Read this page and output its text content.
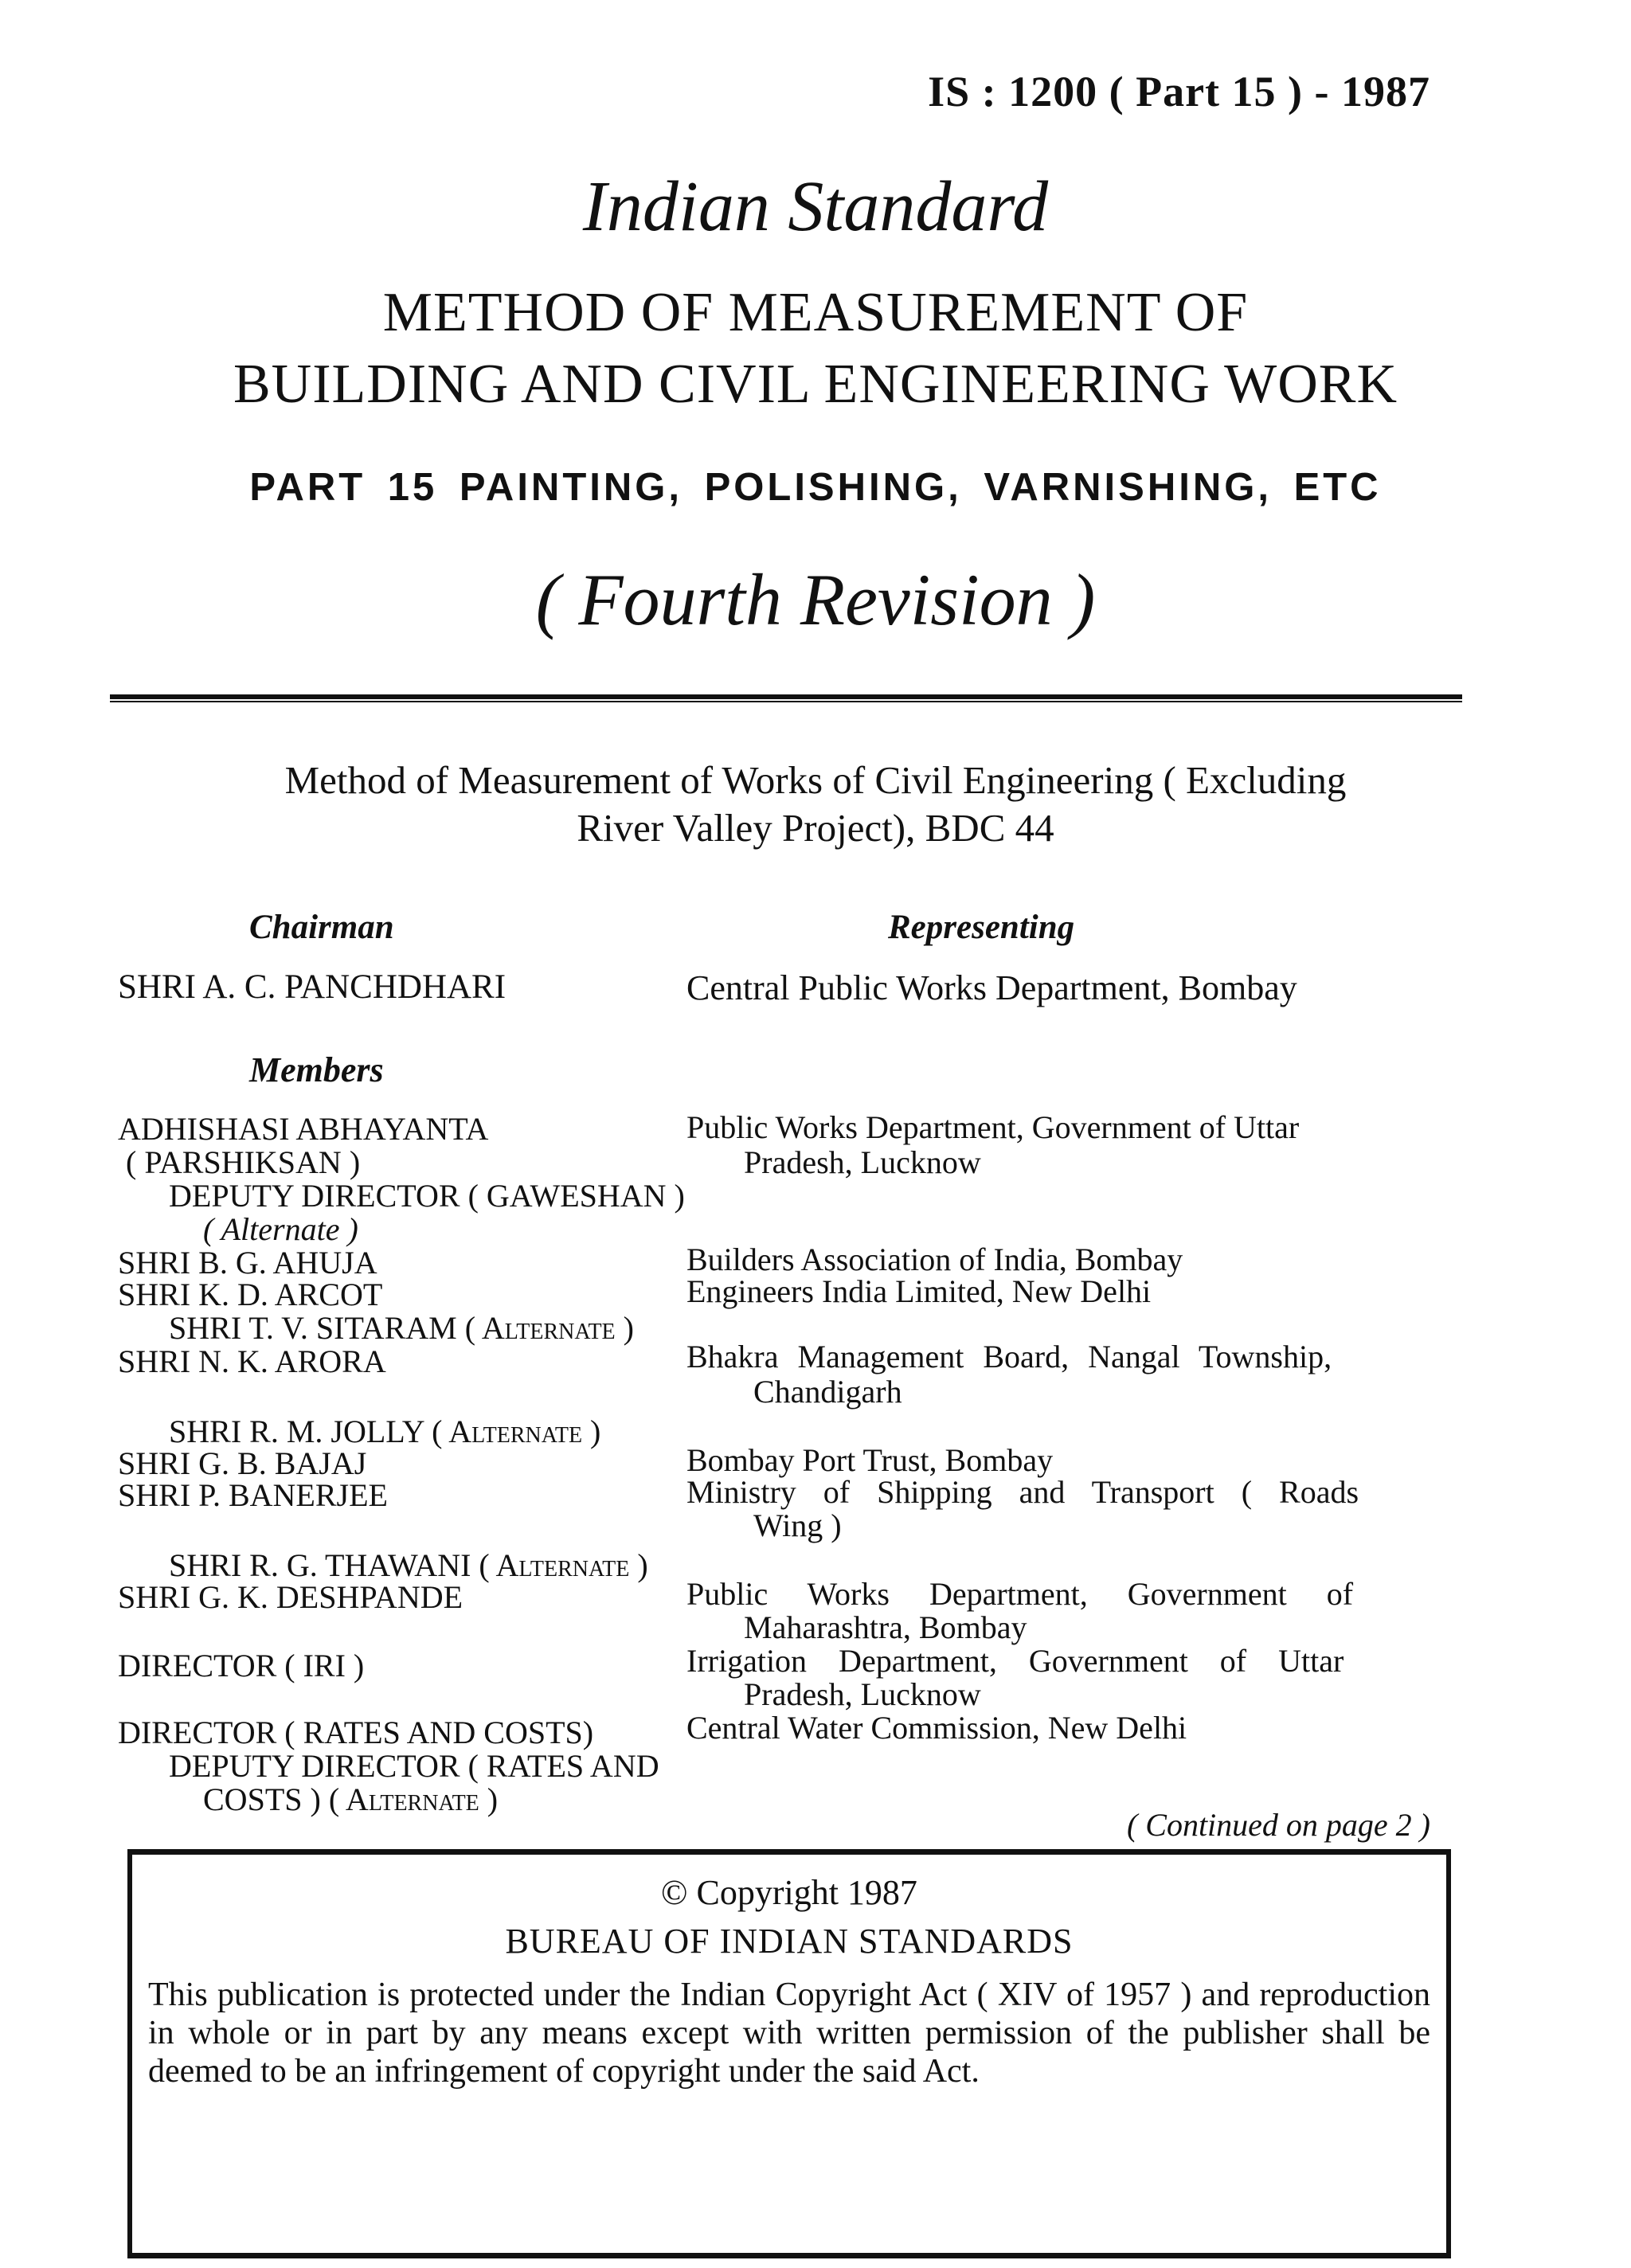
IS : 1200 ( Part 15 ) - 1987
Indian Standard
METHOD OF MEASUREMENT OF
BUILDING AND CIVIL ENGINEERING WORK
PART 15 PAINTING, POLISHING, VARNISHING, ETC
( Fourth Revision )
Method of Measurement of Works of Civil Engineering ( Excluding
River Valley Project), BDC 44
Chairman	Representing
SHRI A. C. PANCHDHARI	Central Public Works Department, Bombay
Members
ADHISHASI ABHAYANTA	Public Works Department, Government of Uttar
( PARSHIKSAN )	Pradesh, Lucknow
DEPUTY DIRECTOR ( GAWESHAN )
( Alternate )
SHRI B. G. AHUJA	Builders Association of India, Bombay
SHRI K. D. ARCOT	Engineers India Limited, New Delhi
SHRI T. V. SITARAM ( Alternate )
SHRI N. K. ARORA	Bhakra Management Board, Nangal Township,
Chandigarh
SHRI R. M. JOLLY ( Alternate )
SHRI G. B. BAJAJ	Bombay Port Trust, Bombay
SHRI P. BANERJEE	Ministry of Shipping and Transport ( Roads
Wing )
SHRI R. G. THAWANI ( Alternate )
SHRI G. K. DESHPANDE	Public Works Department, Government of
Maharashtra, Bombay
DIRECTOR ( IRI )	Irrigation Department, Government of Uttar
Pradesh, Lucknow
DIRECTOR ( RATES AND COSTS)	Central Water Commission, New Delhi
DEPUTY DIRECTOR ( RATES AND
COSTS ) ( Alternate )
( Continued on page 2 )
© Copyright 1987
BUREAU OF INDIAN STANDARDS
This publication is protected under the Indian Copyright Act ( XIV of 1957 ) and reproduction in whole or in part by any means except with written permission of the publisher shall be deemed to be an infringement of copyright under the said Act.
